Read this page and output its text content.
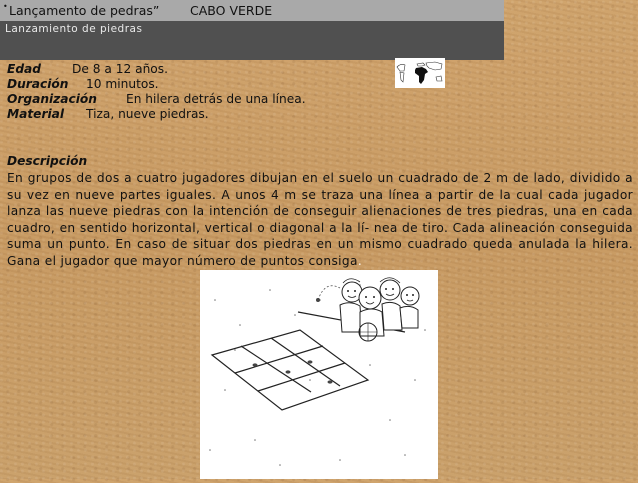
• Lançamento de pedras” CABO VERDE
Lanzamiento de piedras
Edad	De 8 a 12 años.
Duración 10 minutos.
Organización En hilera detrás de una línea.
Material Tiza, nueve piedras.
Descripción

En grupos de dos a cuatro jugadores dibujan en el suelo un cuadrado de 2 m de lado, dividido a su vez en nueve partes iguales. A unos 4 m se traza una línea a partir de la cual cada jugador lanza las nueve piedras con la intención de conseguir alienaciones de tres piedras, una en cada cuadro, en sentido horizontal, vertical o diagonal a la lí- nea de tiro. Cada alineación conseguida suma un punto. En caso de situar dos piedras en un mismo cuadrado queda anulada la hilera. Gana el jugador que mayor número de puntos consiga.
